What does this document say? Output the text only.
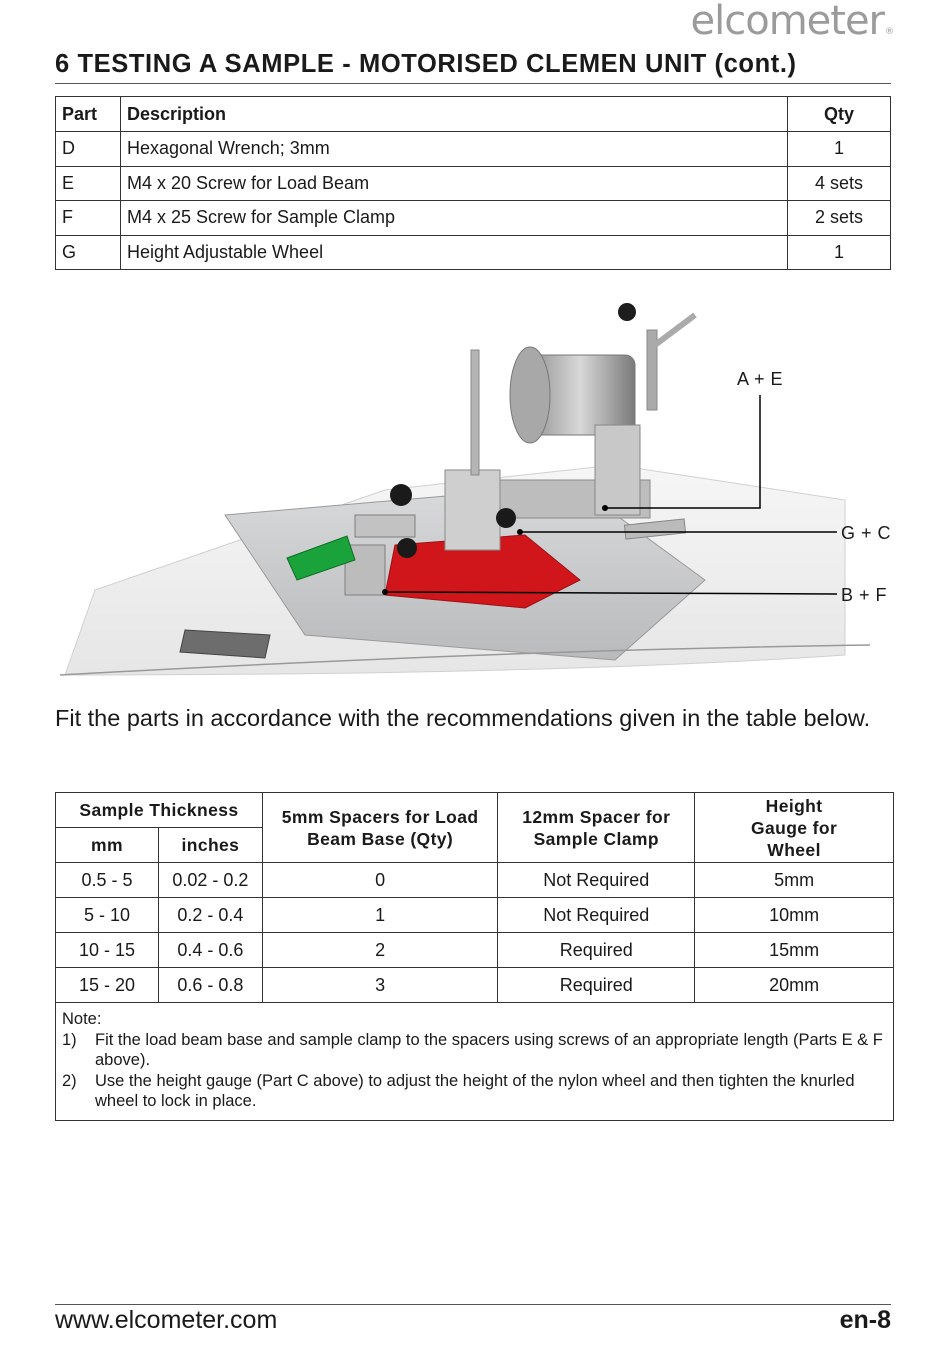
elcometer®
6 TESTING A SAMPLE - MOTORISED CLEMEN UNIT (cont.)
Part	Description	Qty
D	Hexagonal Wrench; 3mm	1
E	M4 x 20 Screw for Load Beam	4 sets
F	M4 x 25 Screw for Sample Clamp	2 sets
G	Height Adjustable Wheel	1
A + E
G + C
B + F
Fit the parts in accordance with the recommendations given in the table below.
Sample Thickness		5mm Spacers for Load Beam Base (Qty)	12mm Spacer for Sample Clamp	Height Gauge for Wheel
mm	inches			
0.5 - 5	0.02 - 0.2	0	Not Required	5mm
5 - 10	0.2 - 0.4	1	Not Required	10mm
10 - 15	0.4 - 0.6	2	Required	15mm
15 - 20	0.6 - 0.8	3	Required	20mm

Note:
1) Fit the load beam base and sample clamp to the spacers using screws of an appropriate length (Parts E & F above).
2) Use the height gauge (Part C above) to adjust the height of the nylon wheel and then tighten the knurled wheel to lock in place.				
www.elcometer.com	en-8
